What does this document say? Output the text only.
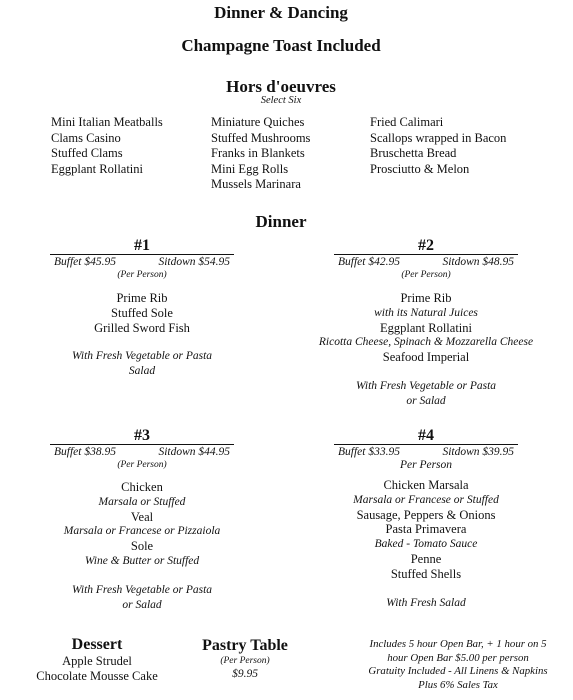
Dinner & Dancing
Champagne Toast Included
Hors d'oeuvres
Select Six
Mini Italian Meatballs
Clams Casino
Stuffed Clams
Eggplant Rollatini
Miniature Quiches
Stuffed Mushrooms
Franks in Blankets
Mini Egg Rolls
Mussels Marinara
Fried Calimari
Scallops wrapped in Bacon
Bruschetta Bread
Prosciutto & Melon
Dinner
#1
Buffet $45.95	Sitdown $54.95
(Per Person)
Prime Rib
Stuffed Sole
Grilled Sword Fish
With Fresh Vegetable or Pasta
Salad
#2
Buffet $42.95	Sitdown $48.95
(Per Person)
Prime Rib
with its Natural Juices
Eggplant Rollatini
Ricotta Cheese, Spinach & Mozzarella Cheese
Seafood Imperial
With Fresh Vegetable or Pasta
or Salad
#3
Buffet $38.95	Sitdown $44.95
(Per Person)
Chicken
Marsala or Stuffed
Veal
Marsala or Francese or Pizzaiola
Sole
Wine & Butter or Stuffed
With Fresh Vegetable or Pasta
or Salad
#4
Buffet $33.95	Sitdown $39.95
Per Person
Chicken Marsala
Marsala or Francese or Stuffed
Sausage, Peppers & Onions
Pasta Primavera
Baked - Tomato Sauce
Penne
Stuffed Shells
With Fresh Salad
Dessert
Apple Strudel
Chocolate Mousse Cake
Pastry Table
(Per Person)
$9.95
Includes 5 hour Open Bar, + 1 hour on 5
hour Open Bar $5.00 per person
Gratuity Included - All Linens & Napkins
Plus 6% Sales Tax
